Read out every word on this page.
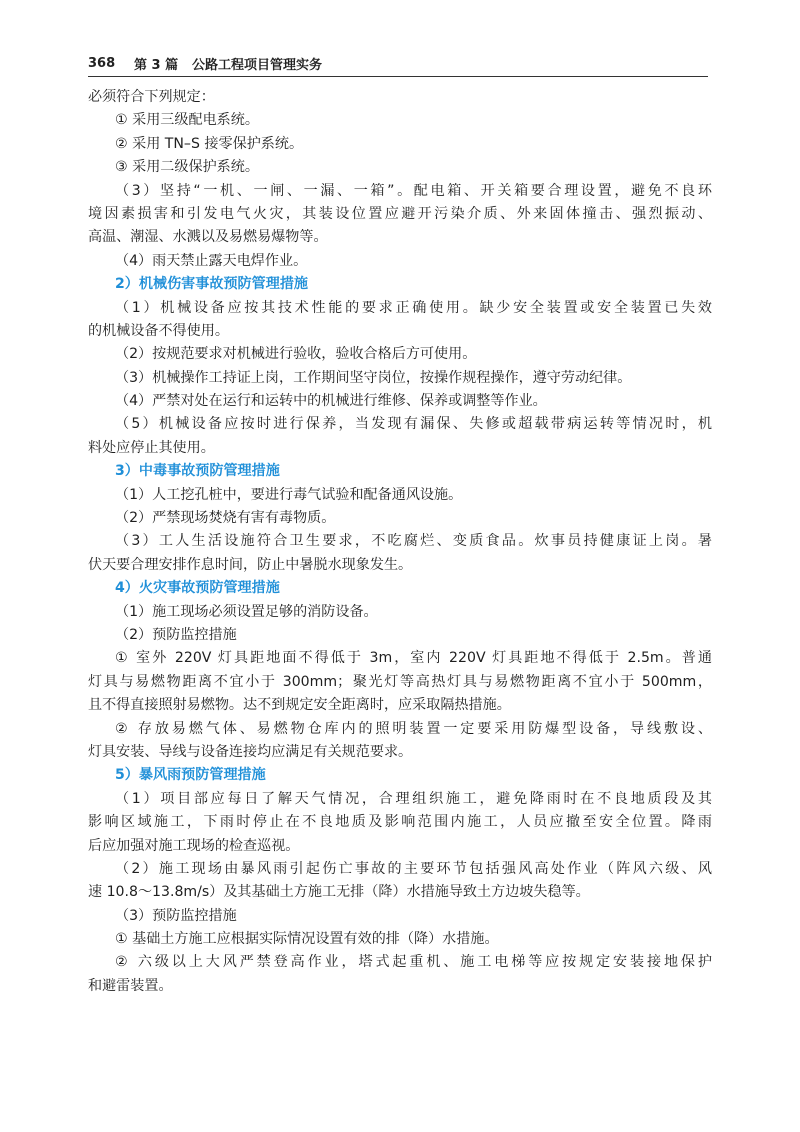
368	第 3 篇	公路工程项目管理实务
必须符合下列规定：
① 采用三级配电系统。
② 采用 TN–S 接零保护系统。
③ 采用二级保护系统。
（3）坚持“一机、一闸、一漏、一箱”。配电箱、开关箱要合理设置，避免不良环
境因素损害和引发电气火灾，其装设位置应避开污染介质、外来固体撞击、强烈振动、
高温、潮湿、水溅以及易燃易爆物等。
（4）雨天禁止露天电焊作业。
2）机械伤害事故预防管理措施
（1）机械设备应按其技术性能的要求正确使用。缺少安全装置或安全装置已失效
的机械设备不得使用。
（2）按规范要求对机械进行验收，验收合格后方可使用。
（3）机械操作工持证上岗，工作期间坚守岗位，按操作规程操作，遵守劳动纪律。
（4）严禁对处在运行和运转中的机械进行维修、保养或调整等作业。
（5）机械设备应按时进行保养，当发现有漏保、失修或超载带病运转等情况时，机
料处应停止其使用。
3）中毒事故预防管理措施
（1）人工挖孔桩中，要进行毒气试验和配备通风设施。
（2）严禁现场焚烧有害有毒物质。
（3）工人生活设施符合卫生要求，不吃腐烂、变质食品。炊事员持健康证上岗。暑
伏天要合理安排作息时间，防止中暑脱水现象发生。
4）火灾事故预防管理措施
（1）施工现场必须设置足够的消防设备。
（2）预防监控措施
① 室外 220V 灯具距地面不得低于 3m，室内 220V 灯具距地不得低于 2.5m。普通
灯具与易燃物距离不宜小于 300mm；聚光灯等高热灯具与易燃物距离不宜小于 500mm，
且不得直接照射易燃物。达不到规定安全距离时，应采取隔热措施。
② 存放易燃气体、易燃物仓库内的照明装置一定要采用防爆型设备，导线敷设、
灯具安装、导线与设备连接均应满足有关规范要求。
5）暴风雨预防管理措施
（1）项目部应每日了解天气情况，合理组织施工，避免降雨时在不良地质段及其
影响区域施工，下雨时停止在不良地质及影响范围内施工，人员应撤至安全位置。降雨
后应加强对施工现场的检查巡视。
（2）施工现场由暴风雨引起伤亡事故的主要环节包括强风高处作业（阵风六级、风
速 10.8～13.8m/s）及其基础土方施工无排（降）水措施导致土方边坡失稳等。
（3）预防监控措施
① 基础土方施工应根据实际情况设置有效的排（降）水措施。
② 六级以上大风严禁登高作业，塔式起重机、施工电梯等应按规定安装接地保护
和避雷装置。
